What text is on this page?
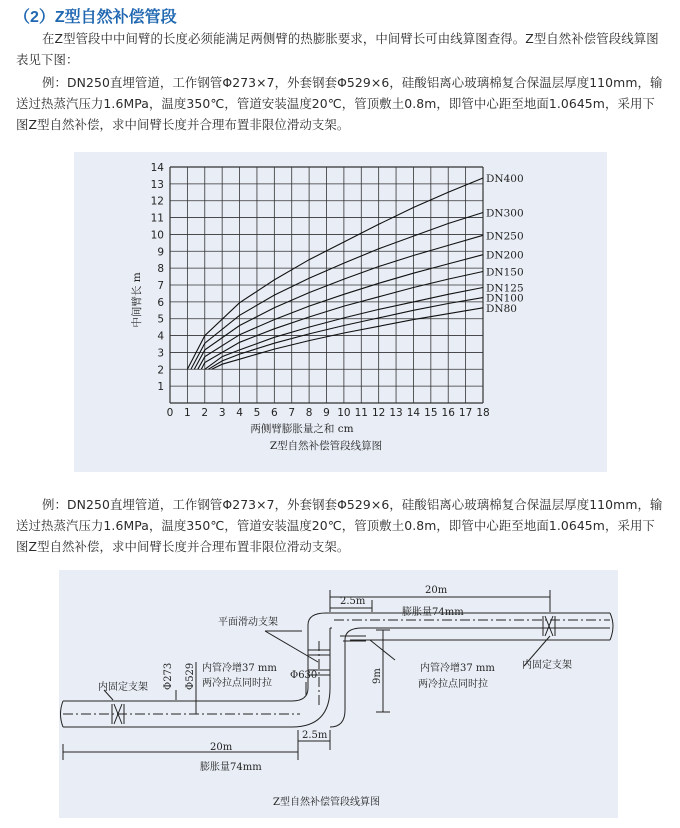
（2）Z型自然补偿管段
在Z型管段中中间臂的长度必须能满足两侧臂的热膨胀要求，中间臂长可由线算图查得。Z型自然补偿管段线算图表见下图：
例：DN250直埋管道，工作钢管Φ273×7，外套钢套Φ529×6，硅酸铝离心玻璃棉复合保温层厚度110mm，输送过热蒸汽压力1.6MPa，温度350℃，管道安装温度20℃，管顶敷土0.8m，即管中心距至地面1.0645m，采用下图Z型自然补偿，求中间臂长度并合理布置非限位滑动支架。
0 1 2 3 4 5 6 7 8 9 10 11 12 13 14 15 16 17 18
1
2
3
4
5
6
7
8
9
10
11
12
13
14
两侧臂膨胀量之和 cm
中间臂长 m
Z型自然补偿管段线算图
DN400
DN300
DN250
DN200
DN150
DN125
DN100
DN80
例：DN250直埋管道，工作钢管Φ273×7，外套钢套Φ529×6，硅酸铝离心玻璃棉复合保温层厚度110mm，输送过热蒸汽压力1.6MPa，温度350℃，管道安装温度20℃，管顶敷土0.8m，即管中心距至地面1.0645m，采用下图Z型自然补偿，求中间臂长度并合理布置非限位滑动支架。
20m
2.5m
膨胀量74mm
平面滑动支架
Φ273 Φ529	Φ630
内管冷增37 mm
两冷拉点同时拉
内管冷增37 mm
两冷拉点同时拉
内固定支架
内固定支架
9m
2.5m
20m
膨胀量74mm
Z型自然补偿管段线算图
